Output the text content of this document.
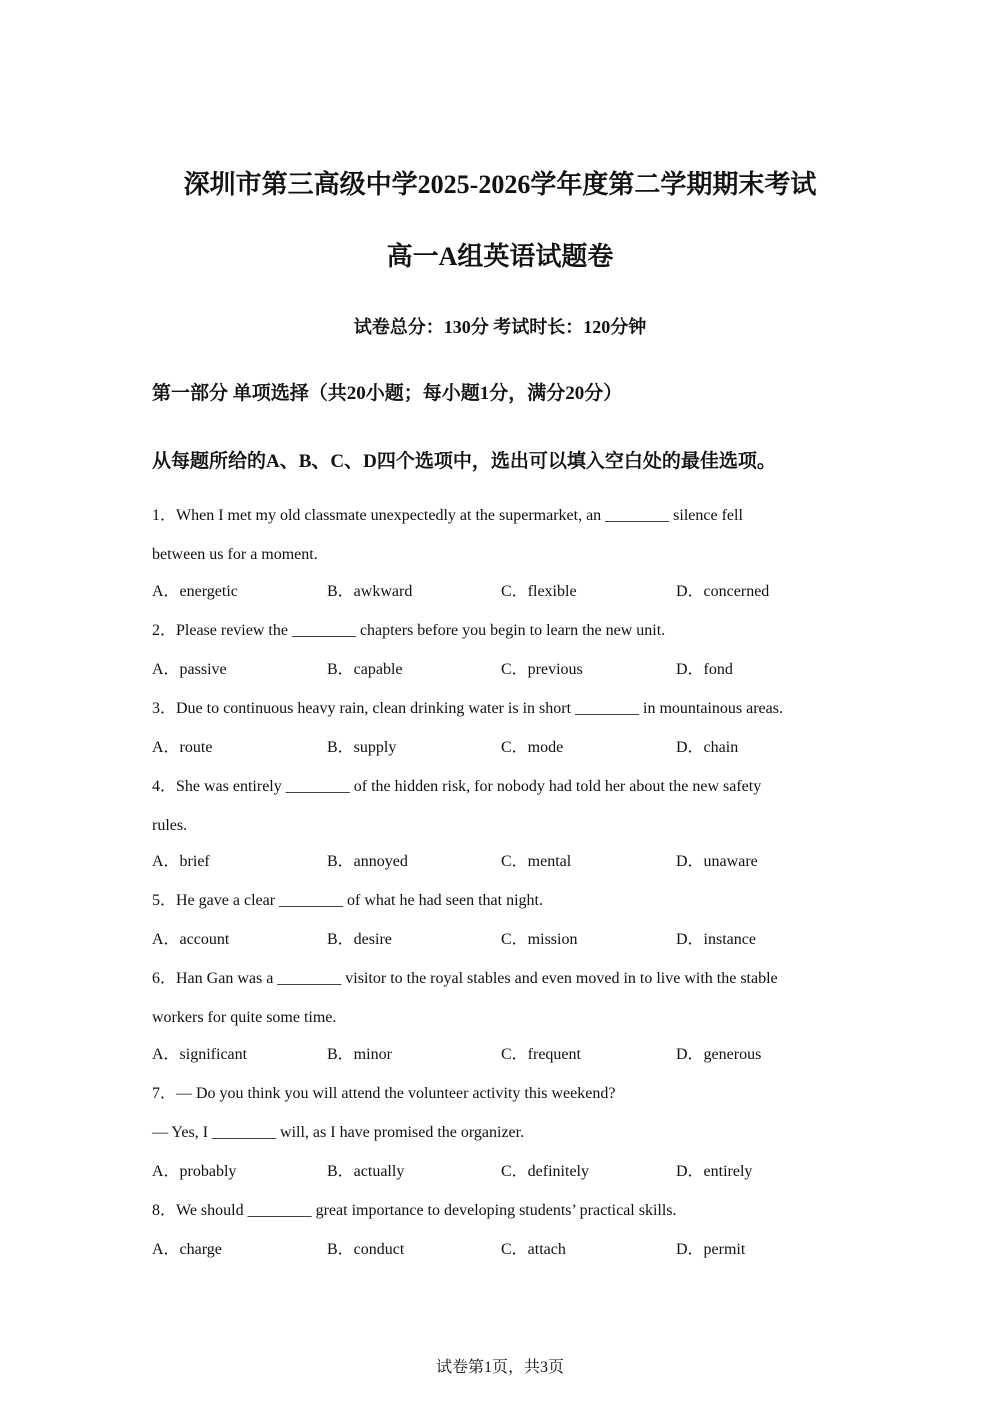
深圳市第三高级中学2025-2026学年度第二学期期末考试
高一A组英语试题卷
试卷总分：130分 考试时长：120分钟
第一部分 单项选择（共20小题；每小题1分，满分20分）
从每题所给的A、B、C、D四个选项中，选出可以填入空白处的最佳选项。
1．When I met my old classmate unexpectedly at the supermarket, an ________ silence fell
between us for a moment.
A．energetic	B．awkward	C．flexible	D．concerned
2．Please review the ________ chapters before you begin to learn the new unit.
A．passive	B．capable	C．previous	D．fond
3．Due to continuous heavy rain, clean drinking water is in short ________ in mountainous areas.
A．route	B．supply	C．mode	D．chain
4．She was entirely ________ of the hidden risk, for nobody had told her about the new safety
rules.
A．brief	B．annoyed	C．mental	D．unaware
5．He gave a clear ________ of what he had seen that night.
A．account	B．desire	C．mission	D．instance
6．Han Gan was a ________ visitor to the royal stables and even moved in to live with the stable
workers for quite some time.
A．significant	B．minor	C．frequent	D．generous
7．— Do you think you will attend the volunteer activity this weekend?
— Yes, I ________ will, as I have promised the organizer.
A．probably	B．actually	C．definitely	D．entirely
8．We should ________ great importance to developing students’ practical skills.
A．charge	B．conduct	C．attach	D．permit
试卷第1页，共3页
